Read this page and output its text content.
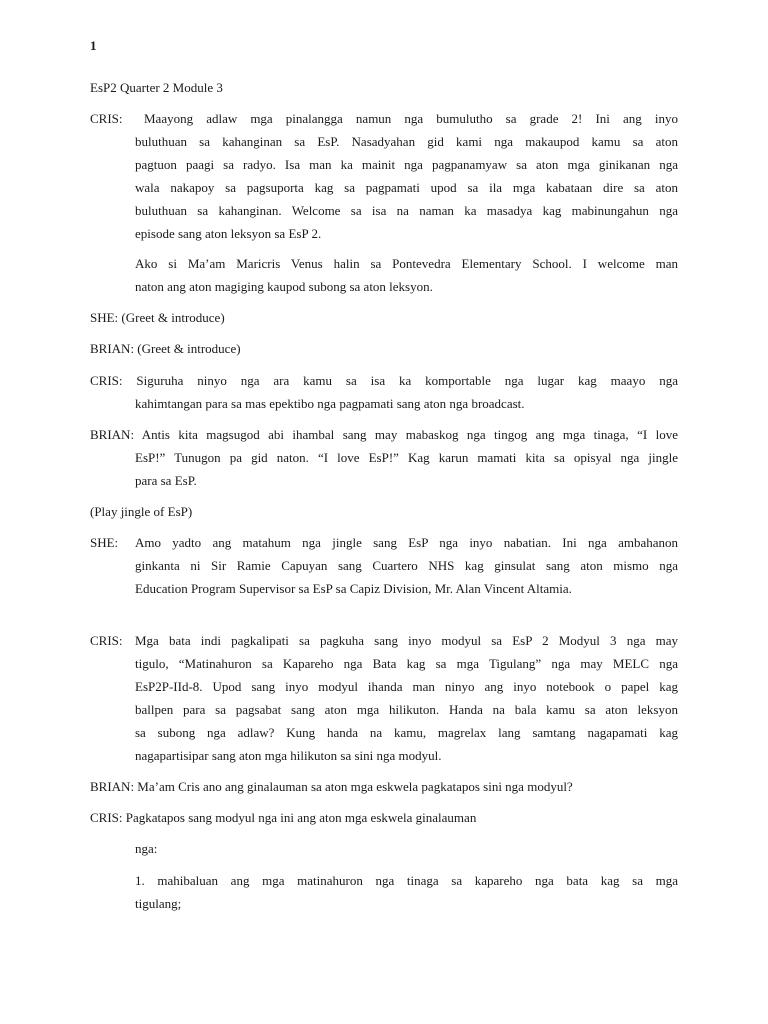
1
EsP2 Quarter 2 Module 3
CRIS: Maayong adlaw mga pinalangga namun nga bumulutho sa grade 2! Ini ang inyo
buluthuan sa kahanginan sa EsP. Nasadyahan gid kami nga makaupod kamu sa aton
pagtuon paagi sa radyo. Isa man ka mainit nga pagpanamyaw sa aton mga ginikanan nga
wala nakapoy sa pagsuporta kag sa pagpamati upod sa ila mga kabataan dire sa aton
buluthuan sa kahanginan. Welcome sa isa na naman ka masadya kag mabinungahun nga
episode sang aton leksyon sa EsP 2.
Ako si Ma’am Maricris Venus halin sa Pontevedra Elementary School. I welcome man
naton ang aton magiging kaupod subong sa aton leksyon.
SHE: (Greet & introduce)
BRIAN: (Greet & introduce)
CRIS: Siguruha ninyo nga ara kamu sa isa ka komportable nga lugar kag maayo nga
kahimtangan para sa mas epektibo nga pagpamati sang aton nga broadcast.
BRIAN: Antis kita magsugod abi ihambal sang may mabaskog nga tingog ang mga tinaga, “I love
EsP!” Tunugon pa gid naton. “I love EsP!” Kag karun mamati kita sa opisyal nga jingle
para sa EsP.
(Play jingle of EsP)
SHE: Amo yadto ang matahum nga jingle sang EsP nga inyo nabatian. Ini nga ambahanon
ginkanta ni Sir Ramie Capuyan sang Cuartero NHS kag ginsulat sang aton mismo nga
Education Program Supervisor sa EsP sa Capiz Division, Mr. Alan Vincent Altamia.
CRIS: Mga bata indi pagkalipati sa pagkuha sang inyo modyul sa EsP 2 Modyul 3 nga may
tigulo, “Matinahuron sa Kapareho nga Bata kag sa mga Tigulang” nga may MELC nga
EsP2P-IId-8. Upod sang inyo modyul ihanda man ninyo ang inyo notebook o papel kag
ballpen para sa pagsabat sang aton mga hilikuton. Handa na bala kamu sa aton leksyon
sa subong nga adlaw? Kung handa na kamu, magrelax lang samtang nagapamati kag
nagapartisipar sang aton mga hilikuton sa sini nga modyul.
BRIAN: Ma’am Cris ano ang ginalauman sa aton mga eskwela pagkatapos sini nga modyul?
CRIS: Pagkatapos sang modyul nga ini ang aton mga eskwela ginalauman
nga:
1. mahibaluan ang mga matinahuron nga tinaga sa kapareho nga bata kag sa mga
tigulang;
